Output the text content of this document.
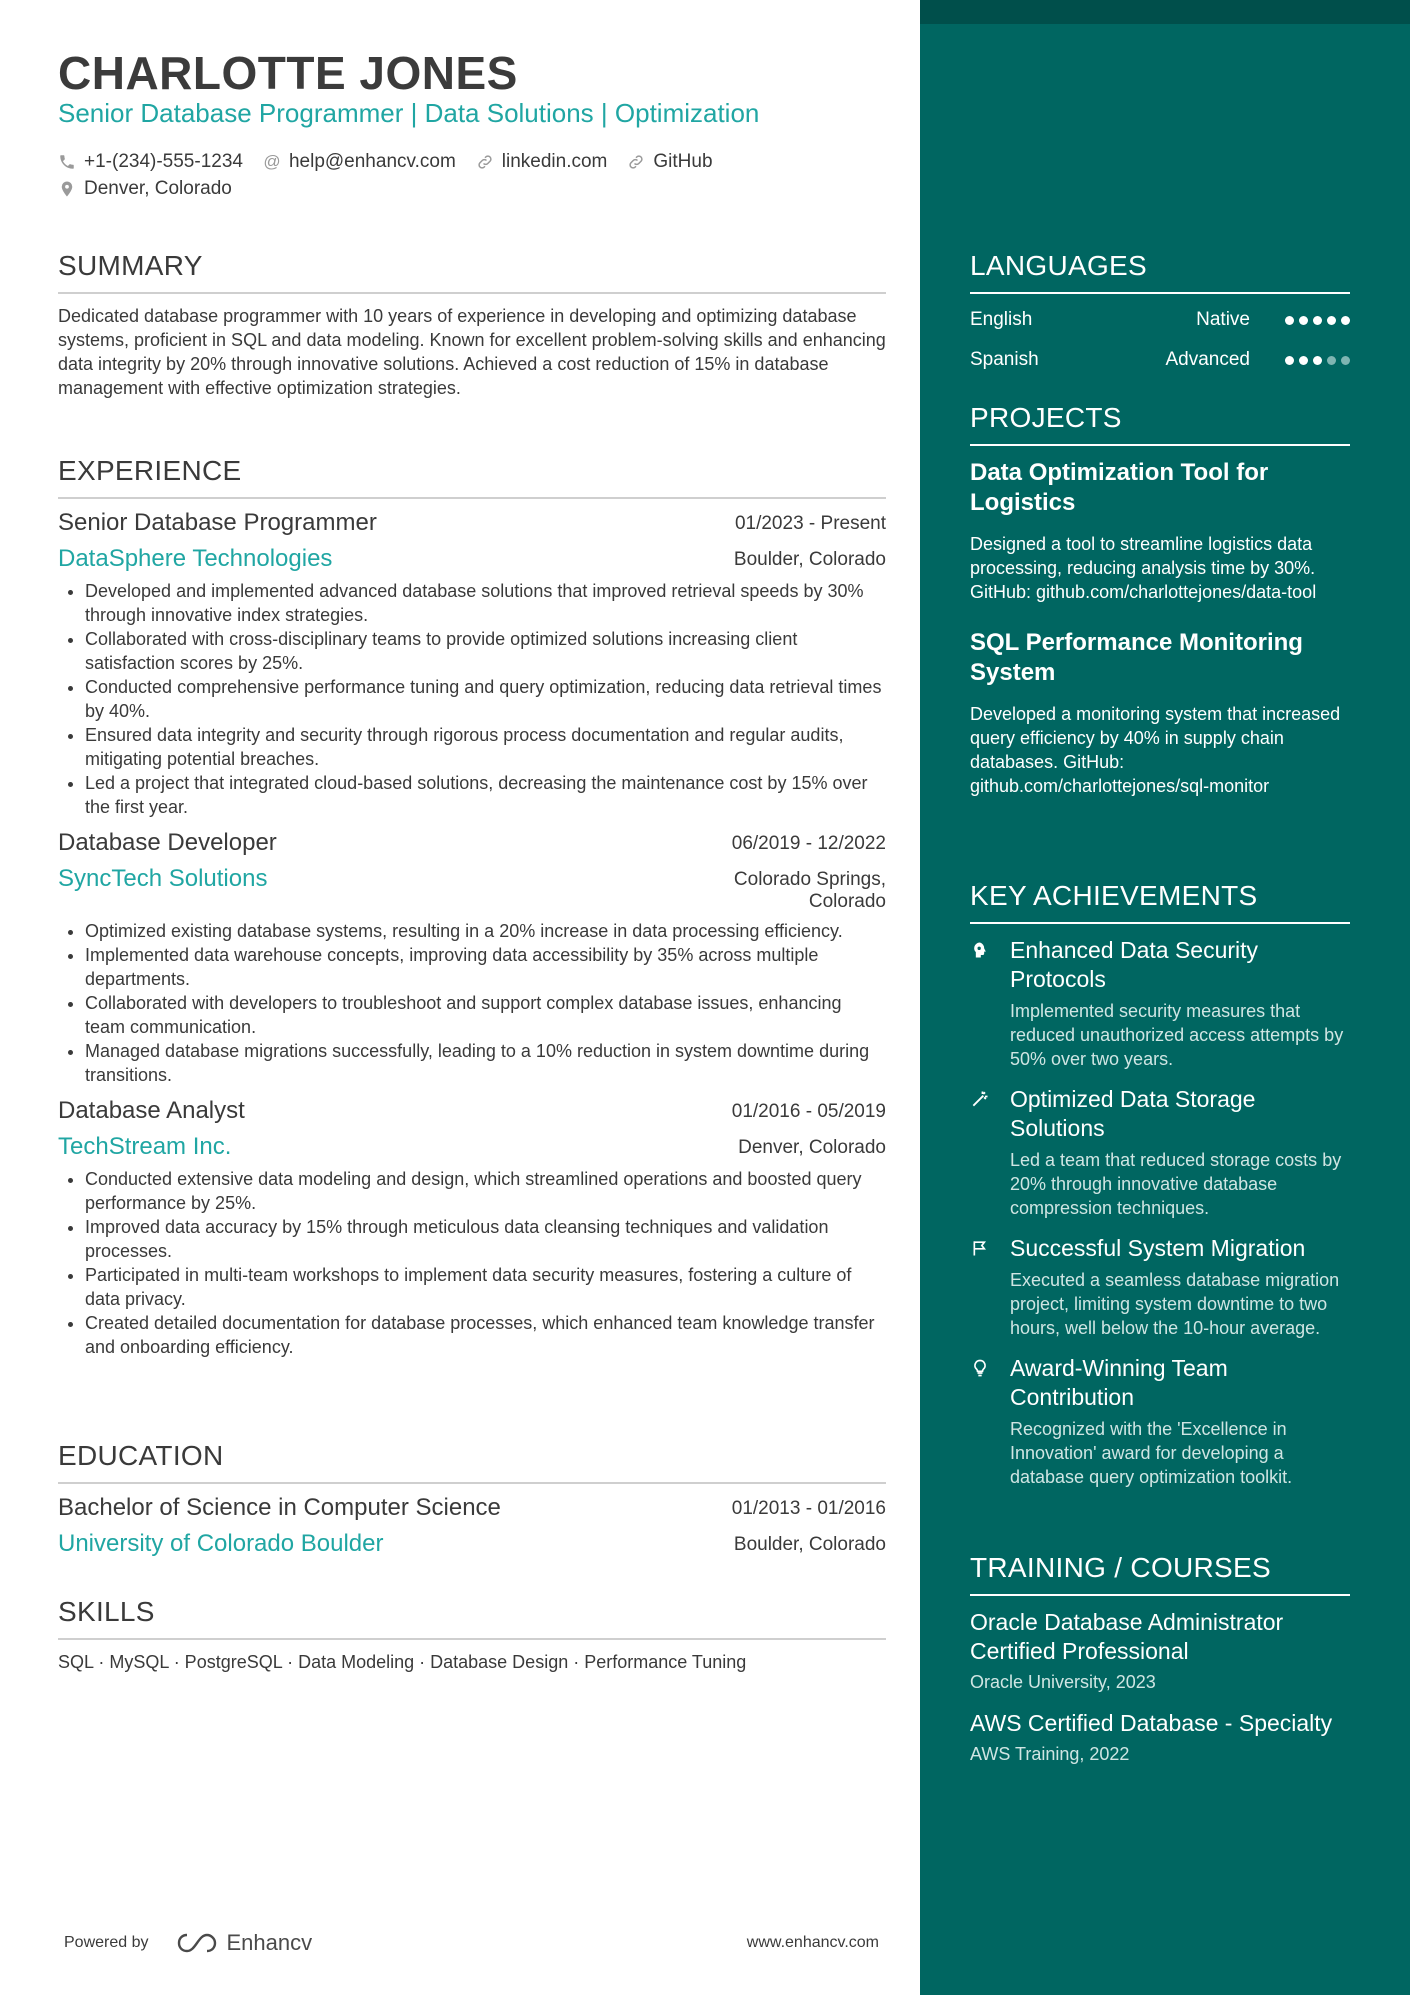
CHARLOTTE JONES
Senior Database Programmer | Data Solutions | Optimization
+1-(234)-555-1234 @ help@enhancv.com linkedin.com GitHub
Denver, Colorado
SUMMARY
Dedicated database programmer with 10 years of experience in developing and optimizing database systems, proficient in SQL and data modeling. Known for excellent problem-solving skills and enhancing data integrity by 20% through innovative solutions. Achieved a cost reduction of 15% in database management with effective optimization strategies.
EXPERIENCE
Senior Database Programmer	01/2023 - Present
DataSphere Technologies	Boulder, Colorado
• Developed and implemented advanced database solutions that improved retrieval speeds by 30% through innovative index strategies.
• Collaborated with cross-disciplinary teams to provide optimized solutions increasing client satisfaction scores by 25%.
• Conducted comprehensive performance tuning and query optimization, reducing data retrieval times by 40%.
• Ensured data integrity and security through rigorous process documentation and regular audits, mitigating potential breaches.
• Led a project that integrated cloud-based solutions, decreasing the maintenance cost by 15% over the first year.
Database Developer	06/2019 - 12/2022
SyncTech Solutions	Colorado Springs, Colorado
• Optimized existing database systems, resulting in a 20% increase in data processing efficiency.
• Implemented data warehouse concepts, improving data accessibility by 35% across multiple departments.
• Collaborated with developers to troubleshoot and support complex database issues, enhancing team communication.
• Managed database migrations successfully, leading to a 10% reduction in system downtime during transitions.
Database Analyst	01/2016 - 05/2019
TechStream Inc.	Denver, Colorado
• Conducted extensive data modeling and design, which streamlined operations and boosted query performance by 25%.
• Improved data accuracy by 15% through meticulous data cleansing techniques and validation processes.
• Participated in multi-team workshops to implement data security measures, fostering a culture of data privacy.
• Created detailed documentation for database processes, which enhanced team knowledge transfer and onboarding efficiency.
EDUCATION
Bachelor of Science in Computer Science	01/2013 - 01/2016
University of Colorado Boulder	Boulder, Colorado
SKILLS
SQL · MySQL · PostgreSQL · Data Modeling · Database Design · Performance Tuning
Powered by	Enhancv	www.enhancv.com
LANGUAGES
English	Native
Spanish	Advanced
PROJECTS
Data Optimization Tool for Logistics
Designed a tool to streamline logistics data processing, reducing analysis time by 30%. GitHub: github.com/charlottejones/data-tool
SQL Performance Monitoring System
Developed a monitoring system that increased query efficiency by 40% in supply chain databases. GitHub: github.com/charlottejones/sql-monitor
KEY ACHIEVEMENTS
Enhanced Data Security Protocols
Implemented security measures that reduced unauthorized access attempts by 50% over two years.
Optimized Data Storage Solutions
Led a team that reduced storage costs by 20% through innovative database compression techniques.
Successful System Migration
Executed a seamless database migration project, limiting system downtime to two hours, well below the 10-hour average.
Award-Winning Team Contribution
Recognized with the 'Excellence in Innovation' award for developing a database query optimization toolkit.
TRAINING / COURSES
Oracle Database Administrator Certified Professional
Oracle University, 2023
AWS Certified Database - Specialty
AWS Training, 2022
